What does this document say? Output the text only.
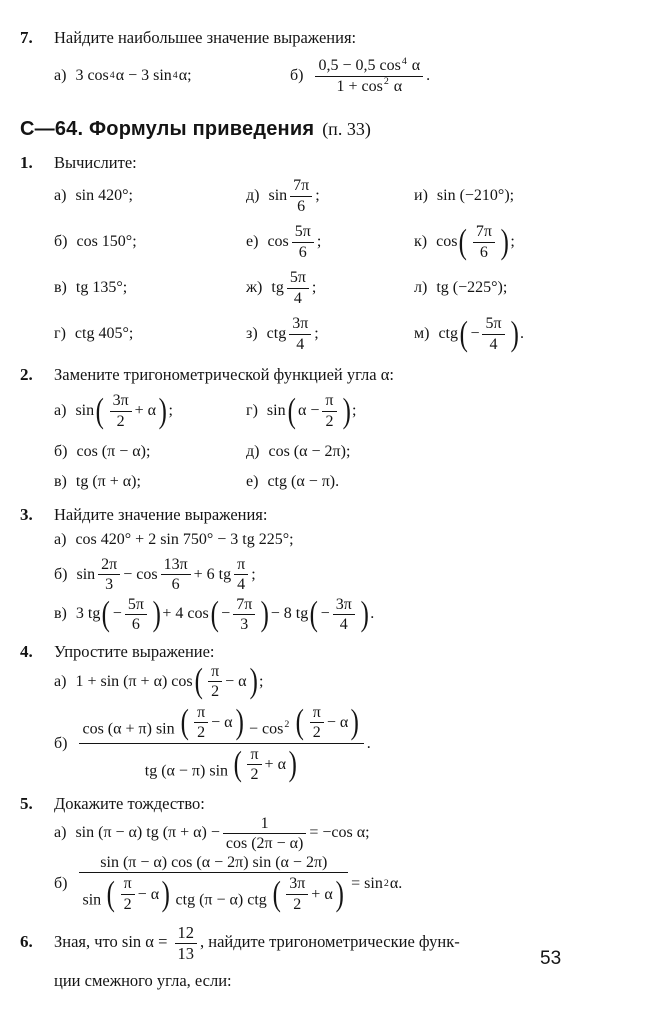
7.	Найдите наибольшее значение выражения:
а) 3 cos 4 α − 3 sin 4 α;	$б) \frac{0,5 - 0,5 \cos^4 \alpha}{1 + \cos^2 \alpha}$ .
С—64. Формулы приведения (п. 33)
1.	Вычислите:
а) sin 420°;	д) $\sin \frac{7\pi}{6}$ ;	и) sin (−210°);
б) cos 150°;	е) $\cos \frac{5\pi}{6}$ ;	к) cos ( $\frac{7\pi}{6}$ ) ;
в) tg 135°;	ж) tg $\frac{5\pi}{4}$ ;	л) tg (−225°);
г) ctg 405°;	з) ctg $\frac{3\pi}{4}$ ;	м) ctg ( − $\frac{5\pi}{4}$ ) .
2.	Замените тригонометрической функцией угла α:
а) sin ( $\frac{3\pi}{2} + \alpha$ ) ;	г) sin ( $\alpha - \frac{\pi}{2}$ ) ;
б) cos (π − α);	д) cos (α − 2π);
в) tg (π + α);	е) ctg (α − π).
3.	Найдите значение выражения:
а) cos 420° + 2 sin 750° − 3 tg 225°;
б) $\sin \frac{2\pi}{3} - \cos \frac{13\pi}{6} + 6$ tg $\frac{\pi}{4}$ ;
в) 3 tg ( − $\frac{5\pi}{6}$ ) + 4 cos ( − $\frac{7\pi}{3}$ ) − 8 tg ( − $\frac{3\pi}{4}$ ) .
4.	Упростите выражение:
а) 1 + sin (π + α) cos ( $\frac{\pi}{2} - \alpha$ ) ;
$б) \frac{\cos (\alpha + \pi) \sin ( \frac{\pi}{2} - \alpha ) - \cos^2 ( \frac{\pi}{2} - \alpha )}{tg (\alpha - \pi) \sin ( \frac{\pi}{2} + \alpha )}$ .
5.	Докажите тождество:
а) sin (π − α) tg $(\pi + \alpha) - \frac{1}{\cos (2\pi - \alpha)} = -\cos$ α;
$б) \frac{\sin (\pi - \alpha) \cos (\alpha - 2\pi) \sin (\alpha - 2\pi)}{\sin ( \frac{\pi}{2} - \alpha ) ctg (\pi - \alpha) ctg ( \frac{3\pi}{2} + \alpha )} = \sin 2$ α.
6.	Зная, что $\sin \alpha = \frac{12}{13}$ , найдите тригонометрические функ-
ции смежного угла, если:
53
